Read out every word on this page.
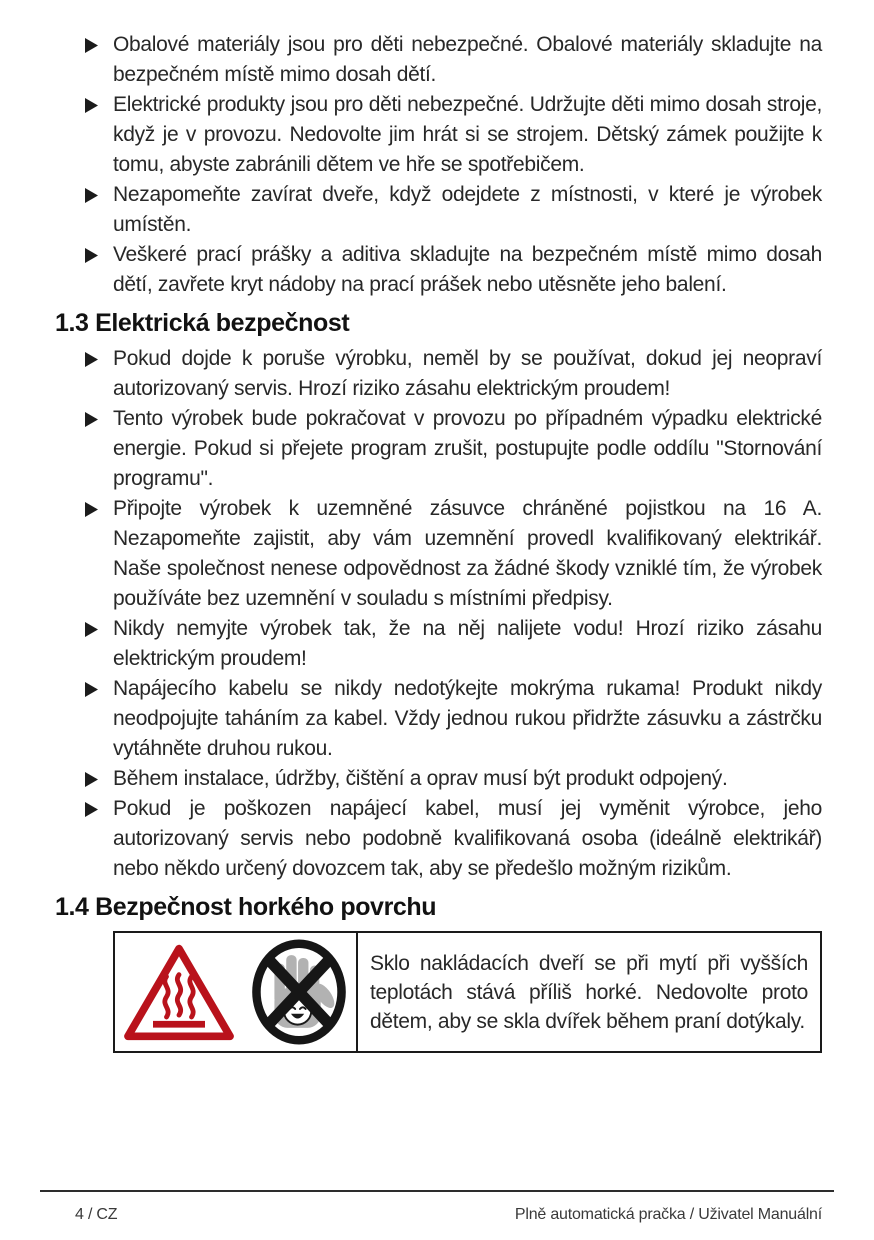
Obalové materiály jsou pro děti nebezpečné. Obalové materiály skladujte na bezpečném místě mimo dosah dětí.
Elektrické produkty jsou pro děti nebezpečné. Udržujte děti mimo dosah stroje, když je v provozu. Nedovolte jim hrát si se strojem. Dětský zámek použijte k tomu, abyste zabránili dětem ve hře se spotřebičem.
Nezapomeňte zavírat dveře, když odejdete z místnosti, v které je výrobek umístěn.
Veškeré prací prášky a aditiva skladujte na bezpečném místě mimo dosah dětí, zavřete kryt nádoby na prací prášek nebo utěsněte jeho balení.
1.3 Elektrická bezpečnost
Pokud dojde k poruše výrobku, neměl by se používat, dokud jej neopraví autorizovaný servis. Hrozí riziko zásahu elektrickým proudem!
Tento výrobek bude pokračovat v provozu po případném výpadku elektrické energie. Pokud si přejete program zrušit, postupujte podle oddílu "Stornování programu".
Připojte výrobek k uzemněné zásuvce chráněné pojistkou na 16 A. Nezapomeňte zajistit, aby vám uzemnění provedl kvalifikovaný elektrikář. Naše společnost nenese odpovědnost za žádné škody vzniklé tím, že výrobek používáte bez uzemnění v souladu s místními předpisy.
Nikdy nemyjte výrobek tak, že na něj nalijete vodu! Hrozí riziko zásahu elektrickým proudem!
Napájecího kabelu se nikdy nedotýkejte mokrýma rukama! Produkt nikdy neodpojujte taháním za kabel. Vždy jednou rukou přidržte zásuvku a zástrčku vytáhněte druhou rukou.
Během instalace, údržby, čištění a oprav musí být produkt odpojený.
Pokud je poškozen napájecí kabel, musí jej vyměnit výrobce, jeho autorizovaný servis nebo podobně kvalifikovaná osoba (ideálně elektrikář) nebo někdo určený dovozcem tak, aby se předešlo možným rizikům.
1.4 Bezpečnost horkého povrchu

Sklo nakládacích dveří se při mytí při vyšších teplotách stává příliš horké. Nedovolte proto dětem, aby se skla dvířek během praní dotýkaly.

4 / CZ	Plně automatická pračka / Uživatel Manuální
